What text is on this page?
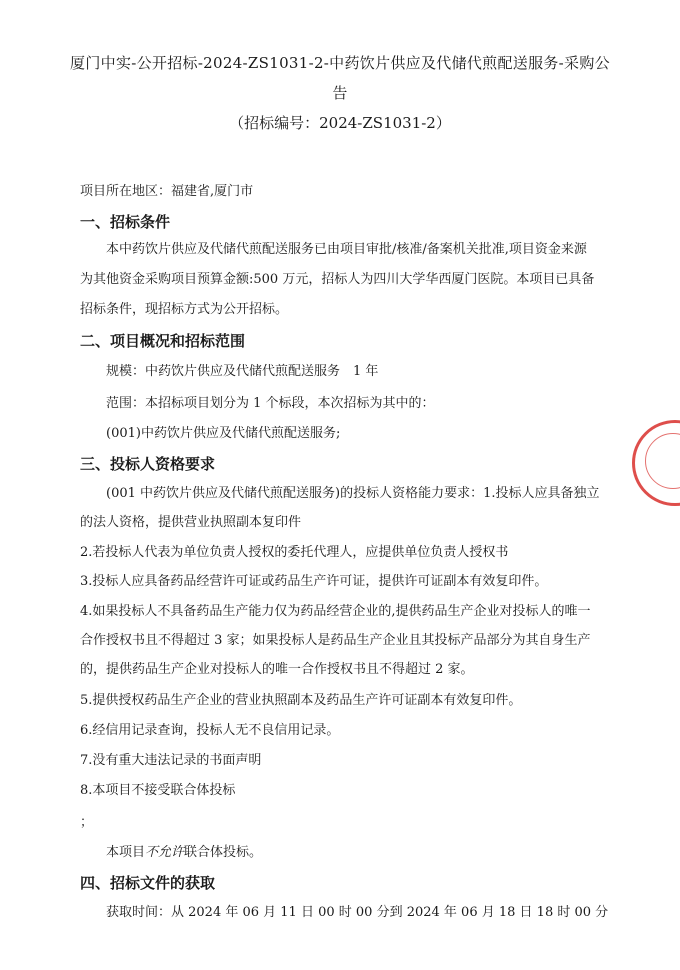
厦门中实-公开招标-2024-ZS1031-2-中药饮片供应及代储代煎配送服务-采购公
告
（招标编号：2024-ZS1031-2）
项目所在地区：福建省,厦门市
一、招标条件
本中药饮片供应及代储代煎配送服务已由项目审批/核准/备案机关批准,项目资金来源
为其他资金采购项目预算金额:500 万元，招标人为四川大学华西厦门医院。本项目已具备
招标条件，现招标方式为公开招标。
二、项目概况和招标范围
规模：中药饮片供应及代储代煎配送服务　1 年
范围：本招标项目划分为 1 个标段，本次招标为其中的：
(001)中药饮片供应及代储代煎配送服务;
三、投标人资格要求
(001 中药饮片供应及代储代煎配送服务)的投标人资格能力要求：1.投标人应具备独立
的法人资格，提供营业执照副本复印件
2.若投标人代表为单位负责人授权的委托代理人，应提供单位负责人授权书
3.投标人应具备药品经营许可证或药品生产许可证，提供许可证副本有效复印件。
4.如果投标人不具备药品生产能力仅为药品经营企业的,提供药品生产企业对投标人的唯一
合作授权书且不得超过 3 家；如果投标人是药品生产企业且其投标产品部分为其自身生产
的，提供药品生产企业对投标人的唯一合作授权书且不得超过 2 家。
5.提供授权药品生产企业的营业执照副本及药品生产许可证副本有效复印件。
6.经信用记录查询，投标人无不良信用记录。
7.没有重大违法记录的书面声明
8.本项目不接受联合体投标
；
本项目不允许联合体投标。
四、招标文件的获取
获取时间：从 2024 年 06 月 11 日 00 时 00 分到 2024 年 06 月 18 日 18 时 00 分
